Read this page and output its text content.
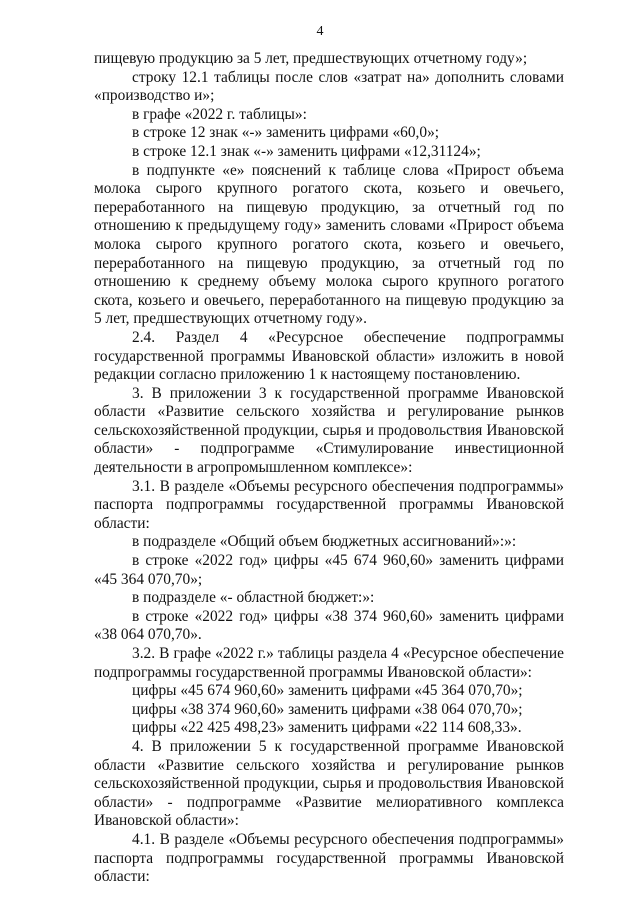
4

пищевую продукцию за 5 лет, предшествующих отчетному году»;

строку 12.1 таблицы после слов «затрат на» дополнить словами «производство и»;

в графе «2022 г. таблицы»:

в строке 12 знак «-» заменить цифрами «60,0»;

в строке 12.1 знак «-» заменить цифрами «12,31124»;

в подпункте «е» пояснений к таблице слова «Прирост объема молока сырого крупного рогатого скота, козьего и овечьего, переработанного на пищевую продукцию, за отчетный год по отношению к предыдущему году» заменить словами «Прирост объема молока сырого крупного рогатого скота, козьего и овечьего, переработанного на пищевую продукцию, за отчетный год по отношению к среднему объему молока сырого крупного рогатого скота, козьего и овечьего, переработанного на пищевую продукцию за 5 лет, предшествующих отчетному году».

2.4. Раздел 4 «Ресурсное обеспечение подпрограммы государственной программы Ивановской области» изложить в новой редакции согласно приложению 1 к настоящему постановлению.

3. В приложении 3 к государственной программе Ивановской области «Развитие сельского хозяйства и регулирование рынков сельскохозяйственной продукции, сырья и продовольствия Ивановской области» - подпрограмме «Стимулирование инвестиционной деятельности в агропромышленном комплексе»:

3.1. В разделе «Объемы ресурсного обеспечения подпрограммы» паспорта подпрограммы государственной программы Ивановской области:

в подразделе «Общий объем бюджетных ассигнований»:»:

в строке «2022 год» цифры «45 674 960,60» заменить цифрами «45 364 070,70»;

в подразделе «- областной бюджет:»:

в строке «2022 год» цифры «38 374 960,60» заменить цифрами «38 064 070,70».

3.2. В графе «2022 г.» таблицы раздела 4 «Ресурсное обеспечение подпрограммы государственной программы Ивановской области»:

цифры «45 674 960,60» заменить цифрами «45 364 070,70»;

цифры «38 374 960,60» заменить цифрами «38 064 070,70»;

цифры «22 425 498,23» заменить цифрами «22 114 608,33».

4. В приложении 5 к государственной программе Ивановской области «Развитие сельского хозяйства и регулирование рынков сельскохозяйственной продукции, сырья и продовольствия Ивановской области» - подпрограмме «Развитие мелиоративного комплекса Ивановской области»:

4.1. В разделе «Объемы ресурсного обеспечения подпрограммы» паспорта подпрограммы государственной программы Ивановской области:
